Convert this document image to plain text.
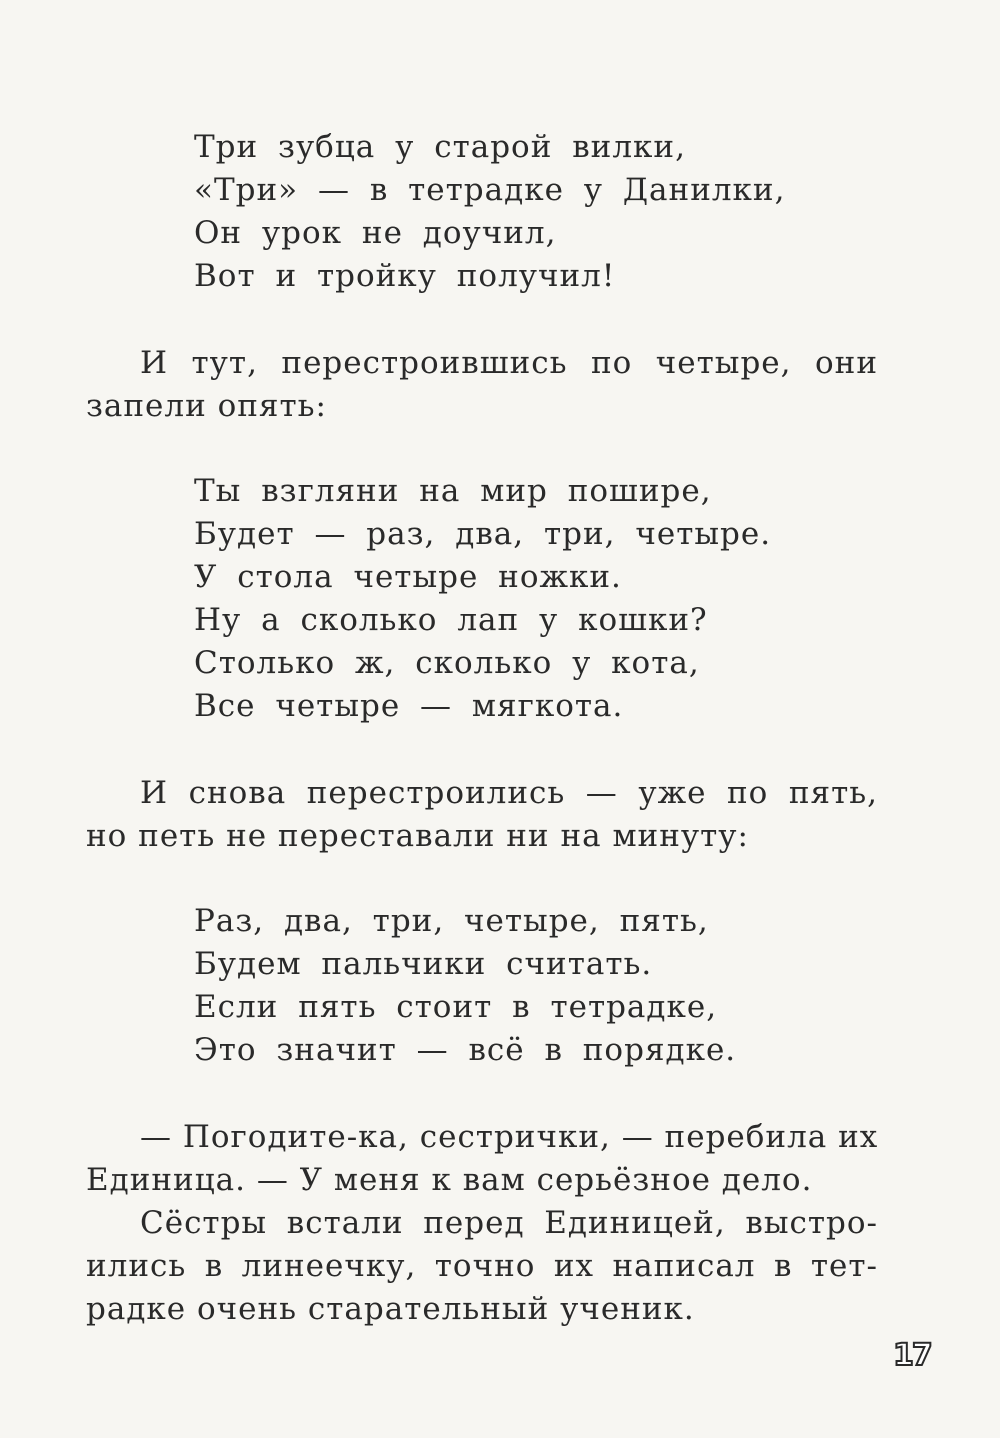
Три зубца у старой вилки,
«Три» — в тетрадке у Данилки,
Он урок не доучил,
Вот и тройку получил!
И тут, перестроившись по четыре, они
запели опять:
Ты взгляни на мир пошире,
Будет — раз, два, три, четыре.
У стола четыре ножки.
Ну а сколько лап у кошки?
Столько ж, сколько у кота,
Все четыре — мягкота.
И снова перестроились — уже по пять,
но петь не переставали ни на минуту:
Раз, два, три, четыре, пять,
Будем пальчики считать.
Если пять стоит в тетрадке,
Это значит — всё в порядке.
— Погодите-ка, сестрички, — перебила их
Единица. — У меня к вам серьёзное дело.
Сёстры встали перед Единицей, выстро-
ились в линеечку, точно их написал в тет-
радке очень старательный ученик.
17
